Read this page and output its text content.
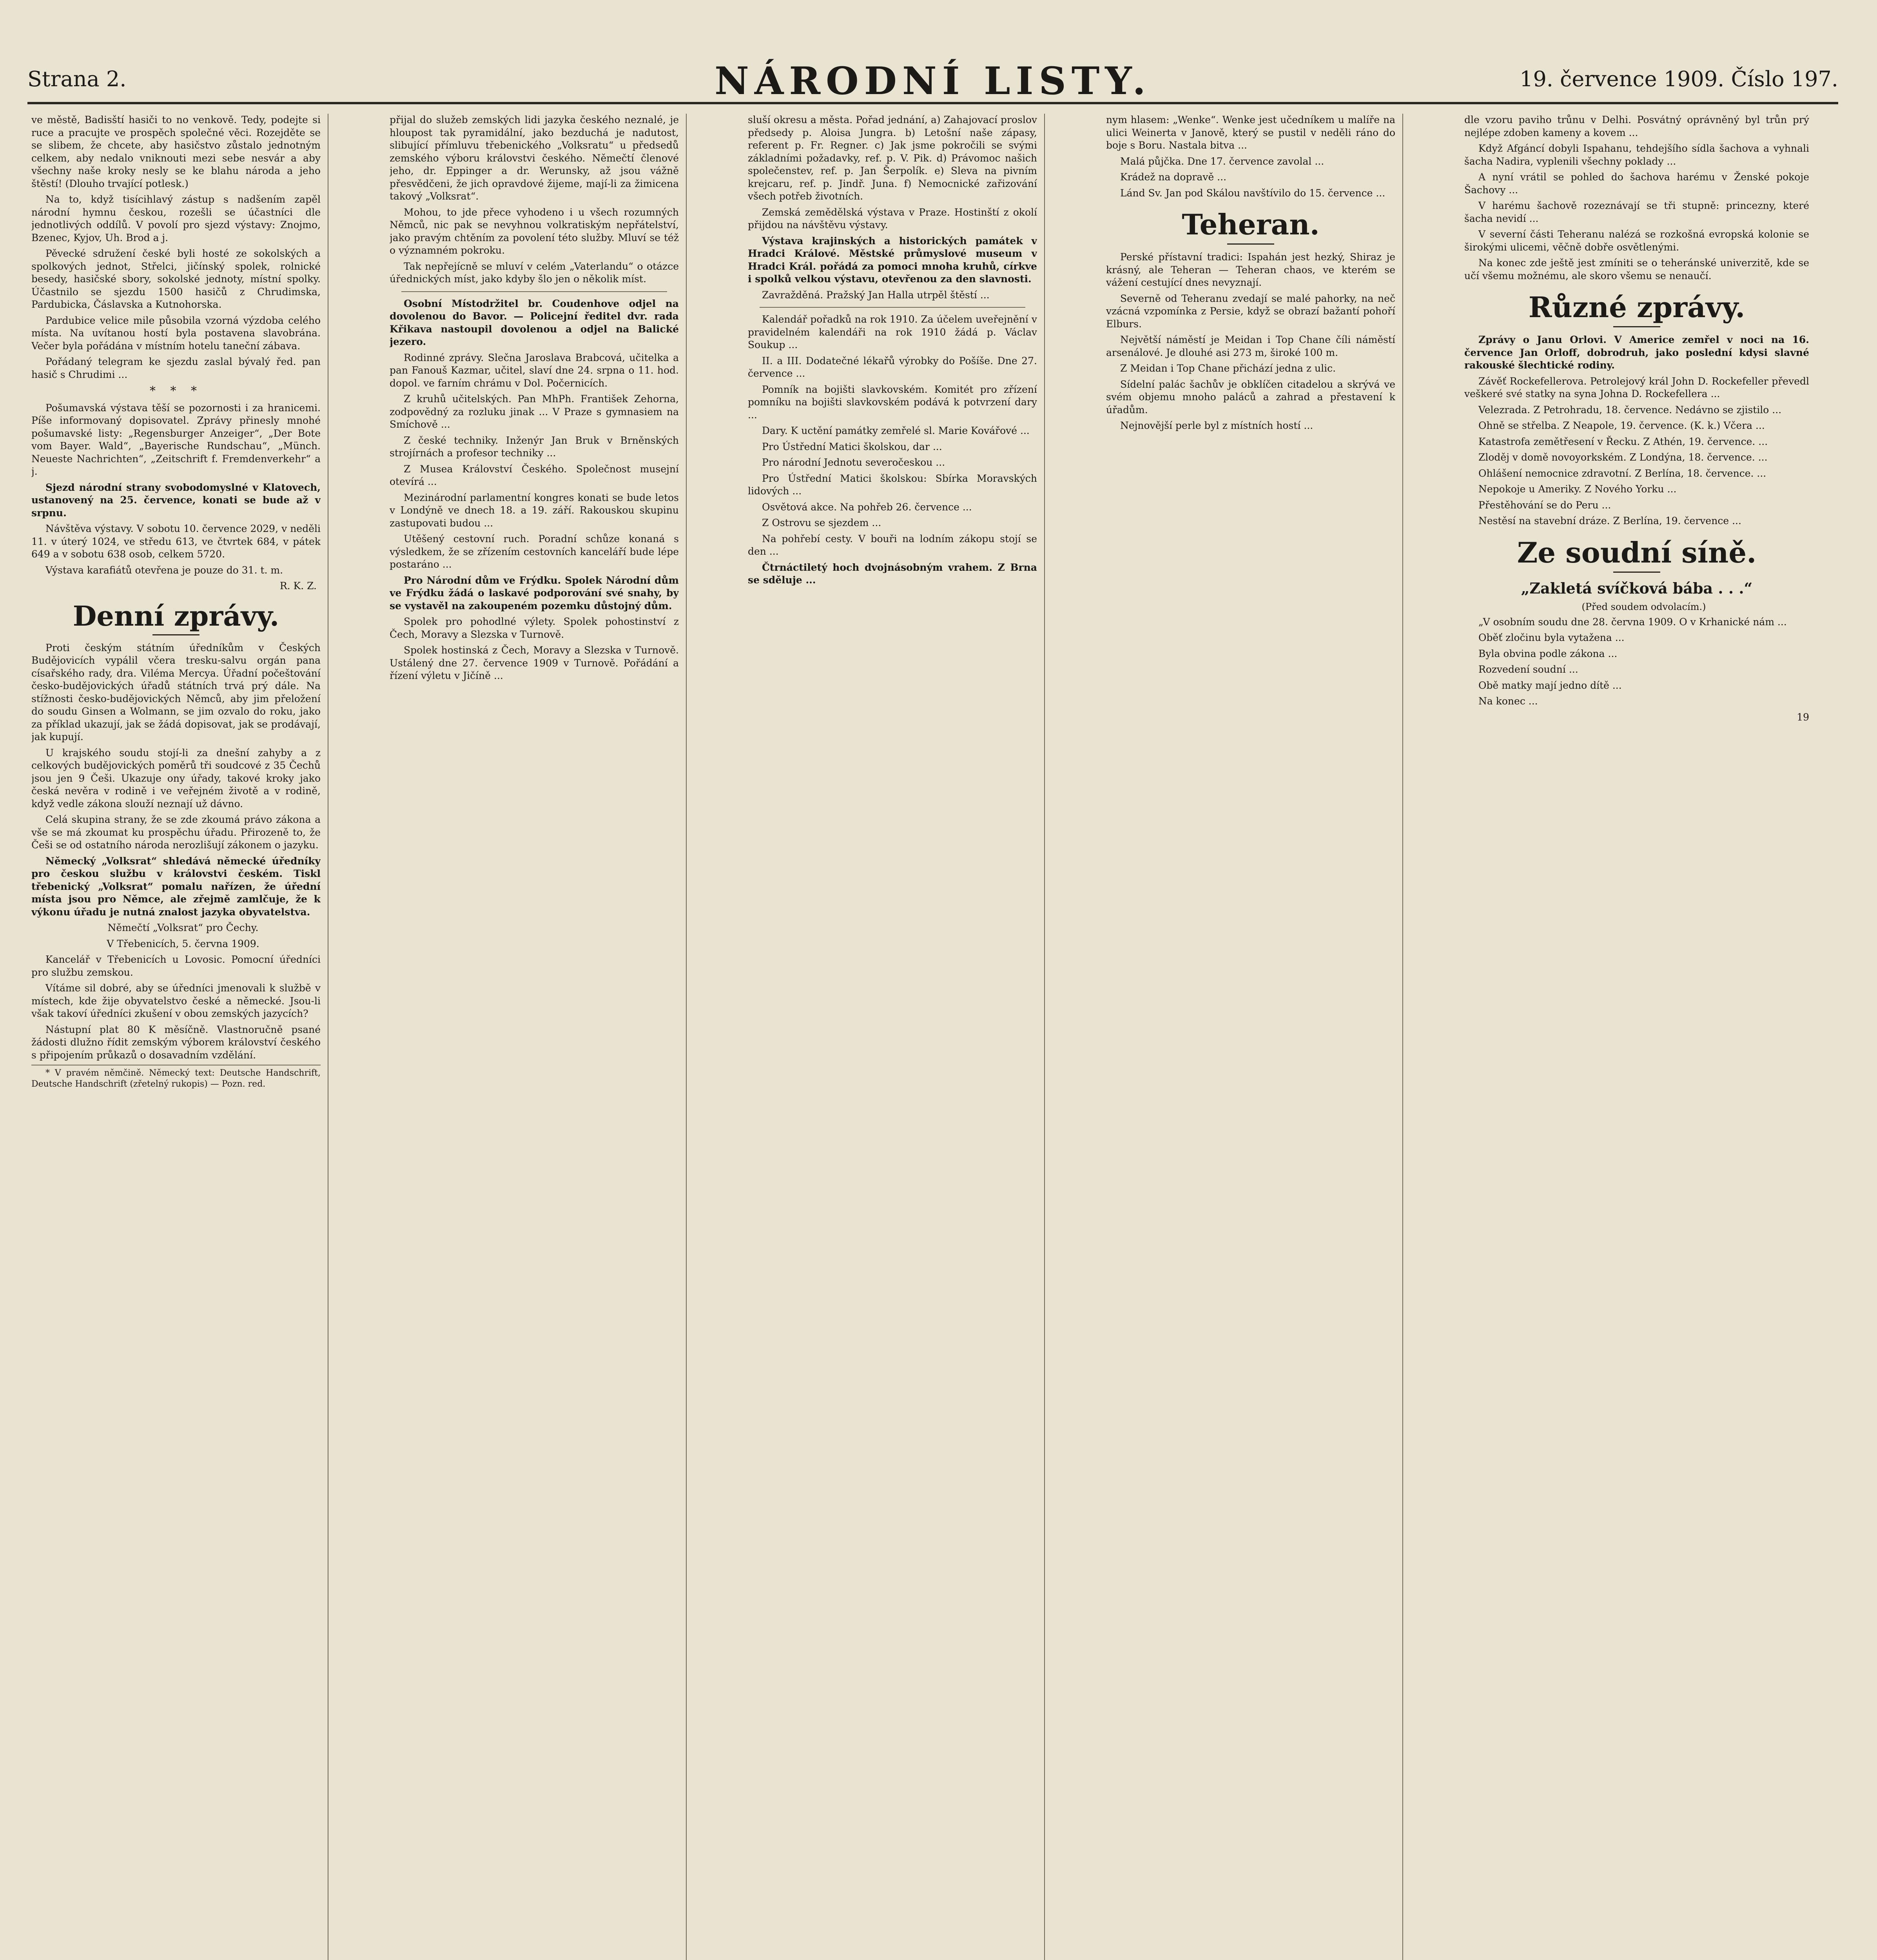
Strana 2.	NÁRODNÍ LISTY.	19. července 1909. Číslo 197.

ve městě, Badisští hasiči to no venkově. Tedy, podejte si ruce a pracujte ve prospěch společné věci. Rozejděte se se slibem, že chcete, aby hasičstvo zůstalo jednotným celkem, aby nedalo vniknouti mezi sebe nesvár a aby všechny naše kroky nesly se ke blahu národa a jeho štěstí! (Dlouho trvající potlesk.)

Na to, když tisícihlavý zástup s nadšením zapěl národní hymnu českou, rozešli se účastníci dle jednotlivých oddílů. V povolí pro sjezd výstavy: Znojmo, Bzenec, Kyjov, Uh. Brod a j.

Pěvecké sdružení české byli hosté ze sokolských a spolkových jednot, Střelci, jičínský spolek, rolnické besedy, hasičské sbory, sokolské jednoty, místní spolky. Účastnilo se sjezdu 1500 hasičů z Chrudimska, Pardubicka, Čáslavska a Kutnohorska.

Pardubice velice mile působila vzorná výzdoba celého místa. Na uvítanou hostí byla postavena slavobrána. Večer byla pořádána v místním hotelu taneční zábava.

Pořádaný telegram ke sjezdu zaslal bývalý řed. pan hasič s Chrudimi ...

* * *

Pošumavská výstava těší se pozornosti i za hranicemi. Píše informovaný dopisovatel. Zprávy přinesly mnohé pošumavské listy: „Regensburger Anzeiger“, „Der Bote vom Bayer. Wald“, „Bayerische Rundschau“, „Münch. Neueste Nachrichten“, „Zeitschrift f. Fremdenverkehr“ a j.

Sjezd národní strany svobodomyslné v Klatovech, ustanovený na 25. července, konati se bude až v srpnu.

Návštěva výstavy. V sobotu 10. července 2029, v neděli 11. v úterý 1024, ve středu 613, ve čtvrtek 684, v pátek 649 a v sobotu 638 osob, celkem 5720.

Výstava karafiátů otevřena je pouze do 31. t. m.

R. K. Z.
Denní zprávy.

Proti českým státním úředníkům v Českých Budějovicích vypálil včera tresku-salvu orgán pana císařského rady, dra. Viléma Mercya. Úřadní počeštování česko-budějovických úřadů státních trvá prý dále. Na stížnosti česko-budějovických Němců, aby jim přeložení do soudu Ginsen a Wolmann, se jim ozvalo do roku, jako za příklad ukazují, jak se žádá dopisovat, jak se prodávají, jak kupují.

U krajského soudu stojí-li za dnešní zahyby a z celkových budějovických poměrů tři soudcové z 35 Čechů jsou jen 9 Češi. Ukazuje ony úřady, takové kroky jako česká nevěra v rodině i ve veřejném životě a v rodině, když vedle zákona slouží neznají už dávno.

Celá skupina strany, že se zde zkoumá právo zákona a vše se má zkoumat ku prospěchu úřadu. Přirozeně to, že Češi se od ostatního národa nerozlišují zákonem o jazyku.

Německý „Volksrat“ shledává německé úředníky pro českou službu v královstvi českém. Tiskl třebenický „Volksrat“ pomalu nařízen, že úřední místa jsou pro Němce, ale zřejmě zamlčuje, že k výkonu úřadu je nutná znalost jazyka obyvatelstva.

Němečtí „Volksrat“ pro Čechy.

V Třebenicích, 5. června 1909.

Kancelář v Třebenicích u Lovosic. Pomocní úředníci pro službu zemskou.

Vítáme sil dobré, aby se úředníci jmenovali k službě v místech, kde žije obyvatelstvo české a německé. Jsou-li však takoví úředníci zkušení v obou zemských jazycích?

Nástupní plat 80 K měsíčně. Vlastnoručně psané žádosti dlužno řídit zemským výborem království českého s připojením průkazů o dosavadním vzdělání.

* V pravém němčině. Německý text: Deutsche Handschrift, Deutsche Handschrift (zřetelný rukopis) — Pozn. red.

přijal do služeb zemských lidi jazyka českého neznalé, je hloupost tak pyramidální, jako bezduchá je nadutost, slibující přímluvu třebenického „Volksratu“ u předsedů zemského výboru královstvi českého. Němečtí členové jeho, dr. Eppinger a dr. Werunsky, až jsou vážně přesvědčeni, že jich opravdové žijeme, mají-li za žimicena takový „Volksrat“.

Mohou, to jde přece vyhodeno i u všech rozumných Němců, nic pak se nevyhnou volkratiským nepřátelství, jako pravým chtěním za povolení této služby. Mluví se též o významném pokroku.

Tak nepřejícně se mluví v celém „Vaterlandu“ o otázce úřednických míst, jako kdyby šlo jen o několik míst.

Osobní Místodržitel br. Coudenhove odjel na dovolenou do Bavor. — Policejní ředitel dvr. rada Křikava nastoupil dovolenou a odjel na Balické jezero.

Rodinné zprávy. Slečna Jaroslava Brabcová, učitelka a pan Fanouš Kazmar, učitel, slaví dne 24. srpna o 11. hod. dopol. ve farním chrámu v Dol. Počernicích.

Z kruhů učitelských. Pan MhPh. František Zehorna, zodpovědný za rozluku jinak ... V Praze s gymnasiem na Smíchově ...

Z české techniky. Inženýr Jan Bruk v Brněnských strojírnách a profesor techniky ...

Z Musea Království Českého. Společnost musejní otevírá ...

Mezinárodní parlamentní kongres konati se bude letos v Londýně ve dnech 18. a 19. září. Rakouskou skupinu zastupovati budou ...

Utěšený cestovní ruch. Poradní schůze konaná s výsledkem, že se zřízením cestovních kanceláří bude lépe postaráno ...

Pro Národní dům ve Frýdku. Spolek Národní dům ve Frýdku žádá o laskavé podporování své snahy, by se vystavěl na zakoupeném pozemku důstojný dům.

Spolek pro pohodlné výlety. Spolek pohostinství z Čech, Moravy a Slezska v Turnově.

Spolek hostinská z Čech, Moravy a Slezska v Turnově. Ustálený dne 27. července 1909 v Turnově. Pořádání a řízení výletu v Jičíně ...

sluší okresu a města. Pořad jednání, a) Zahajovací proslov předsedy p. Aloisa Jungra. b) Letošní naše zápasy, referent p. Fr. Regner. c) Jak jsme pokročili se svými základními požadavky, ref. p. V. Pik. d) Právomoc našich společenstev, ref. p. Jan Šerpolík. e) Sleva na pivním krejcaru, ref. p. Jindř. Juna. f) Nemocnické zařizování všech potřeb životních.

Zemská zemědělská výstava v Praze. Hostinští z okolí přijdou na návštěvu výstavy.

Výstava krajinských a historických památek v Hradci Králové. Městské průmyslové museum v Hradci Král. pořádá za pomoci mnoha kruhů, církve i spolků velkou výstavu, otevřenou za den slavnosti.

Zavražděná. Pražský Jan Halla utrpěl štěstí ...

Kalendář pořadků na rok 1910. Za účelem uveřejnění v pravidelném kalendáři na rok 1910 žádá p. Václav Soukup ...

II. a III. Dodatečné lékařů výrobky do Pošíše. Dne 27. července ...

Pomník na bojišti slavkovském. Komitét pro zřízení pomníku na bojišti slavkovském podává k potvrzení dary ...

Dary. K uctění památky zemřelé sl. Marie Kovářové ...

Pro Ústřední Matici školskou, dar ...

Pro národní Jednotu severočeskou ...

Pro Ústřední Matici školskou: Sbírka Moravských lidových ...

Osvětová akce. Na pohřeb 26. července ...

Z Ostrovu se sjezdem ...

Na pohřebí cesty. V bouři na lodním zákopu stojí se den ...

Čtrnáctiletý hoch dvojnásobným vrahem. Z Brna se sděluje ...

nym hlasem: „Wenke“. Wenke jest učedníkem u malíře na ulici Weinerta v Janově, který se pustil v neděli ráno do boje s Boru. Nastala bitva ...

Malá půjčka. Dne 17. července zavolal ...

Krádež na dopravě ...

Lánd Sv. Jan pod Skálou navštívilo do 15. července ...

Teheran.

Perské přístavní tradici: Ispahán jest hezký, Shiraz je krásný, ale Teheran — Teheran chaos, ve kterém se vážení cestující dnes nevyznají.

Severně od Teheranu zvedají se malé pahorky, na neč vzácná vzpomínka z Persie, když se obrazí bažantí pohoří Elburs.

Největší náměstí je Meidan i Top Chane číli náměstí arsenálové. Je dlouhé asi 273 m, široké 100 m.

Z Meidan i Top Chane přichází jedna z ulic.

Sídelní palác šachův je obklíčen citadelou a skrývá ve svém objemu mnoho paláců a zahrad a přestavení k úřadům.

Nejnovější perle byl z místních hostí ...

dle vzoru paviho trůnu v Delhi. Posvátný oprávněný byl trůn prý nejlépe zdoben kameny a kovem ...

Když Afgáncí dobyli Ispahanu, tehdejšího sídla šachova a vyhnali šacha Nadira, vyplenili všechny poklady ...

A nyní vrátil se pohled do šachova harému v Ženské pokoje Šachovy ...

V harému šachově rozeznávají se tři stupně: princezny, které šacha nevidí ...

V severní části Teheranu nalézá se rozkošná evropská kolonie se širokými ulicemi, věčně dobře osvětlenými.

Na konec zde ještě jest zmíniti se o teheránské univerzitě, kde se učí všemu možnému, ale skoro všemu se nenaučí.

Různé zprávy.

Zprávy o Janu Orlovi. V Americe zemřel v noci na 16. července Jan Orloff, dobrodruh, jako poslední kdysi slavné rakouské šlechtické rodiny.

Závěť Rockefellerova. Petrolejový král John D. Rockefeller převedl veškeré své statky na syna Johna D. Rockefellera ...

Velezrada. Z Petrohradu, 18. července. Nedávno se zjistilo ...

Ohně se střelba. Z Neapole, 19. července. (K. k.) Včera ...

Katastrofa zemětřesení v Řecku. Z Athén, 19. července. ...

Zloděj v domě novoyorkském. Z Londýna, 18. července. ...

Ohlášení nemocnice zdravotní. Z Berlína, 18. července. ...

Nepokoje u Ameriky. Z Nového Yorku ...

Přestěhování se do Peru ...

Nestěsí na stavební dráze. Z Berlína, 19. července ...

Ze soudní síně.
„Zakletá svíčková bába . . .“

(Před soudem odvolacím.)

„V osobním soudu dne 28. června 1909. O v Krhanické nám ...

Oběť zločinu byla vytažena ...

Byla obvina podle zákona ...

Rozvedení soudní ...

Obě matky mají jedno dítě ...

Na konec ...

19
